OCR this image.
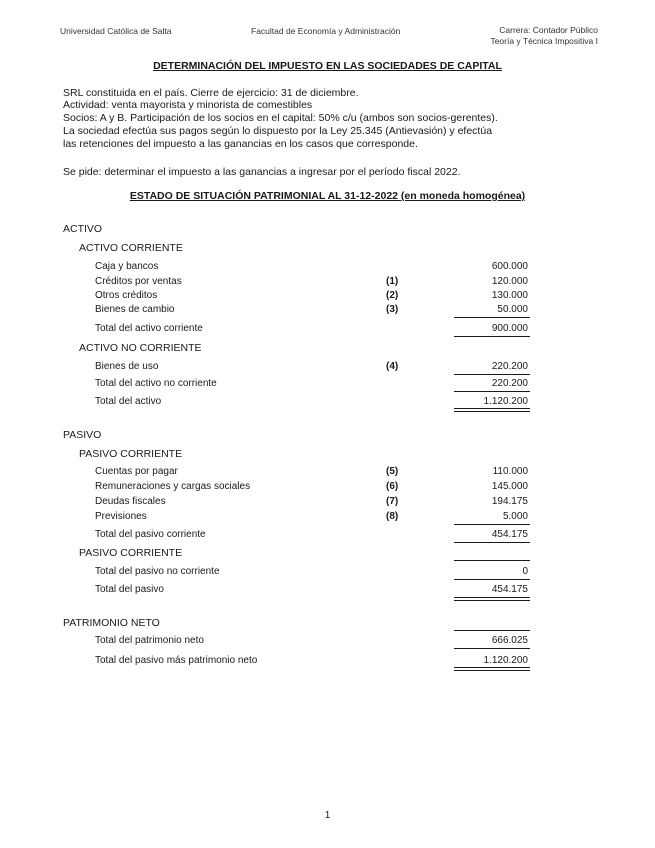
Universidad Católica de Salta	Facultad de Economía y Administración	Carrera: Contador Público
Teoría y Técnica Impositiva I
DETERMINACIÓN DEL IMPUESTO EN LAS SOCIEDADES DE CAPITAL
SRL constituida en el país. Cierre de ejercicio: 31 de diciembre.
Actividad: venta mayorista y minorista de comestibles
Socios: A y B. Participación de los socios en el capital: 50% c/u (ambos son socios-gerentes).
La sociedad efectúa sus pagos según lo dispuesto por la Ley 25.345 (Antievasión) y efectúa
las retenciones del impuesto a las ganancias en los casos que corresponde.
Se pide: determinar el impuesto a las ganancias a ingresar por el período fiscal 2022.
ESTADO DE SITUACIÓN PATRIMONIAL AL 31-12-2022 (en moneda homogénea)
ACTIVO
ACTIVO CORRIENTE
Caja y bancos	600.000
Créditos por ventas	(1)	120.000
Otros créditos	(2)	130.000
Bienes de cambio	(3)	50.000
Total del activo corriente	900.000
ACTIVO NO CORRIENTE
Bienes de uso	(4)	220.200
Total del activo no corriente	220.200
Total del activo	1.120.200
PASIVO
PASIVO CORRIENTE
Cuentas por pagar	(5)	110.000
Remuneraciones y cargas sociales	(6)	145.000
Deudas fiscales	(7)	194.175
Previsiones	(8)	5.000
Total del pasivo corriente	454.175
PASIVO CORRIENTE
Total del pasivo no corriente	0
Total del pasivo	454.175
PATRIMONIO NETO
Total del patrimonio neto	666.025
Total del pasivo más patrimonio neto	1.120.200
1
